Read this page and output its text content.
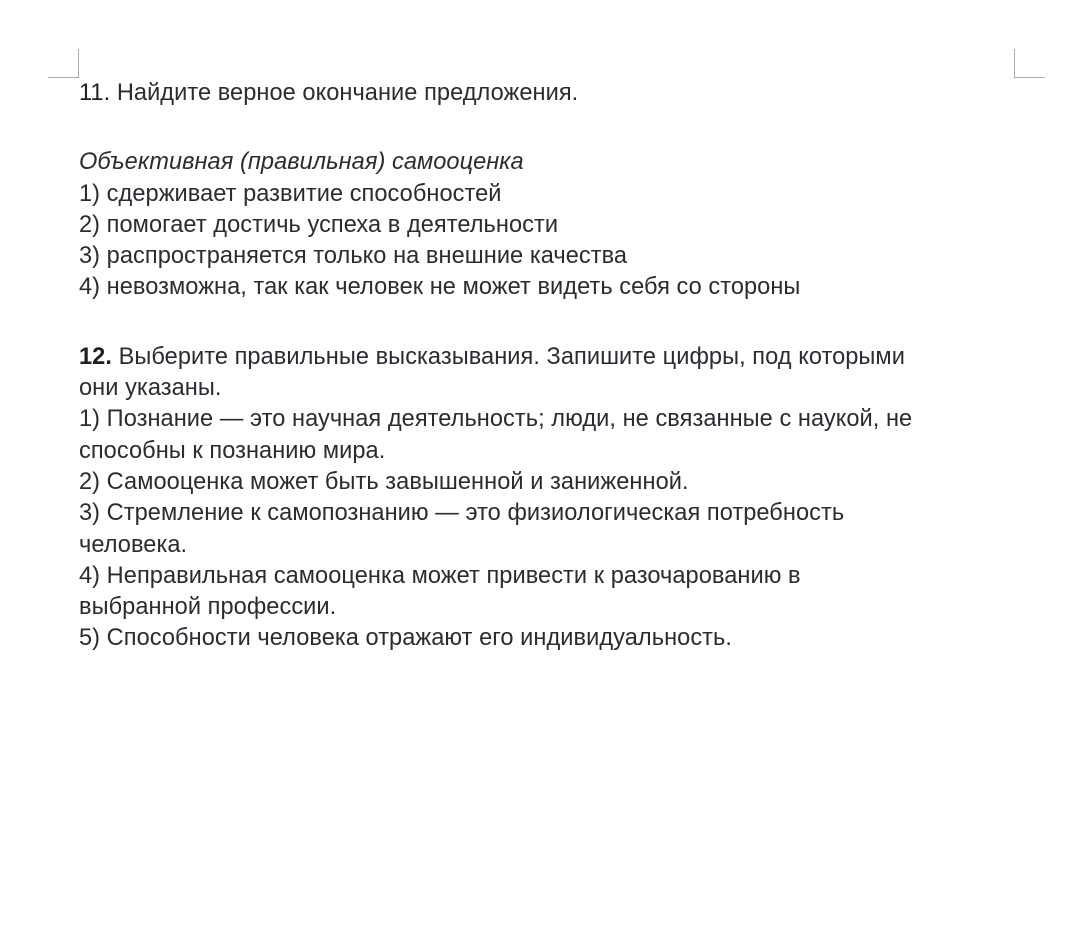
11. Найдите верное окончание предложения.

Объективная (правильная) самооценка

1) сдерживает развитие способностей

2) помогает достичь успеха в деятельности

3) распространяется только на внешние качества

4) невозможна, так как человек не может видеть себя со стороны

12. Выберите правильные высказывания. Запишите цифры, под которыми

они указаны.

1) Познание — это научная деятельность; люди, не связанные с наукой, не

способны к познанию мира.

2) Самооценка может быть завышенной и заниженной.

3) Стремление к самопознанию — это физиологическая потребность

человека.

4) Неправильная самооценка может привести к разочарованию в

выбранной профессии.

5) Способности человека отражают его индивидуальность.
